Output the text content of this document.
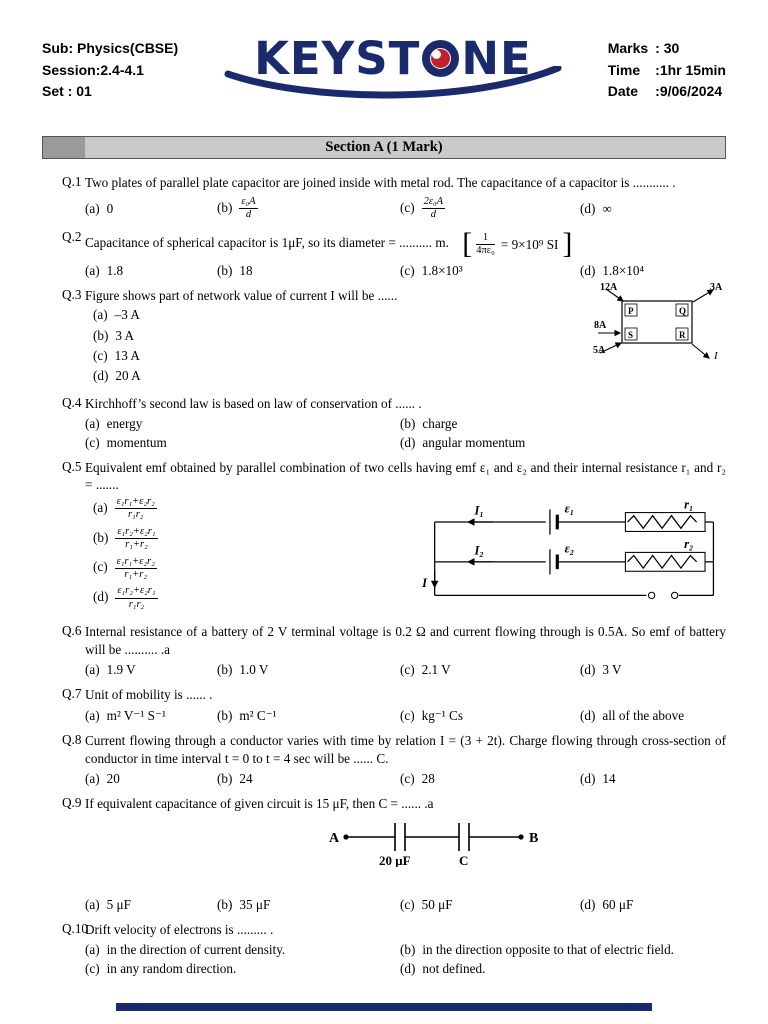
Sub: Physics(CBSE)
Session:2.4-4.1
Set : 01
KEYST NE	Marks : 30
Time	:1hr 15min
Date	:9/06/2024
Section A (1 Mark)
Q.1 Two plates of parallel plate capacitor are joined inside with metal rod. The capacitance of a capacitor is ........... .
(a) 0	$(b) \frac{\text{ε₀A}}{d}$	$(c) \frac{\text{2ε₀A}}{d}$	(d) ∞
Q.2 Capacitance of spherical capacitor is 1μF, so its diameter = .......... m. [ $\frac{1}{\text{4πε₀}} = 9\times 10^9$ SI ]
(a) 1.8	(b) 18	(c) 1.8×10³	(d) 1.8×10⁴
Q.3 Figure shows part of network value of current I will be ......
(a) –3 A
(b) 3 A
(c) 13 A
(d) 20 A
P	Q
S	R
12A	3A
8A
5A	I
Q.4 Kirchhoff’s second law is based on law of conservation of ...... .
(a) energy	(b) charge
(c) momentum	(d) angular momentum
Q.5 Equivalent emf obtained by parallel combination of two cells having emf ε₁ and ε₂ and their internal resistance r₁ and r₂ = .......
$(a) \frac{\text{ε₁r₁+ε₂r₂}}{\text{r₁r₂}}$
$(b) \frac{\text{ε₁r₂+ε₂r₁}}{\text{r₁+r₂}}$
$(c) \frac{\text{ε₁r₁+ε₂r₂}}{\text{r₁+r₂}}$
$(d) \frac{\text{ε₁r₂+ε₂r₁}}{\text{r₁r₂}}$
I₁	ε₁	r₁
I₂	ε₂	r₂
I
Q.6 Internal resistance of a battery of 2 V terminal voltage is 0.2 Ω and current flowing through is 0.5A. So emf of battery will be .......... .a
(a) 1.9 V	(b) 1.0 V	(c) 2.1 V	(d) 3 V
Q.7 Unit of mobility is ...... .
(a) m² V⁻¹ S⁻¹	(b) m² C⁻¹	(c) kg⁻¹ Cs	(d) all of the above
Q.8 Current flowing through a conductor varies with time by relation I = (3 + 2t). Charge flowing through cross-section of conductor in time interval t = 0 to t = 4 sec will be ...... C.
(a) 20	(b) 24	(c) 28	(d) 14
Q.9 If equivalent capacitance of given circuit is 15 μF, then C = ...... .a
A	B
20 μF	C
(a) 5 μF	(b) 35 μF	(c) 50 μF	(d) 60 μF
Q.10
Drift velocity of electrons is ......... .
(a) in the direction of current density.	(b) in the direction opposite to that of electric field.
(c) in any random direction.	(d) not defined.
